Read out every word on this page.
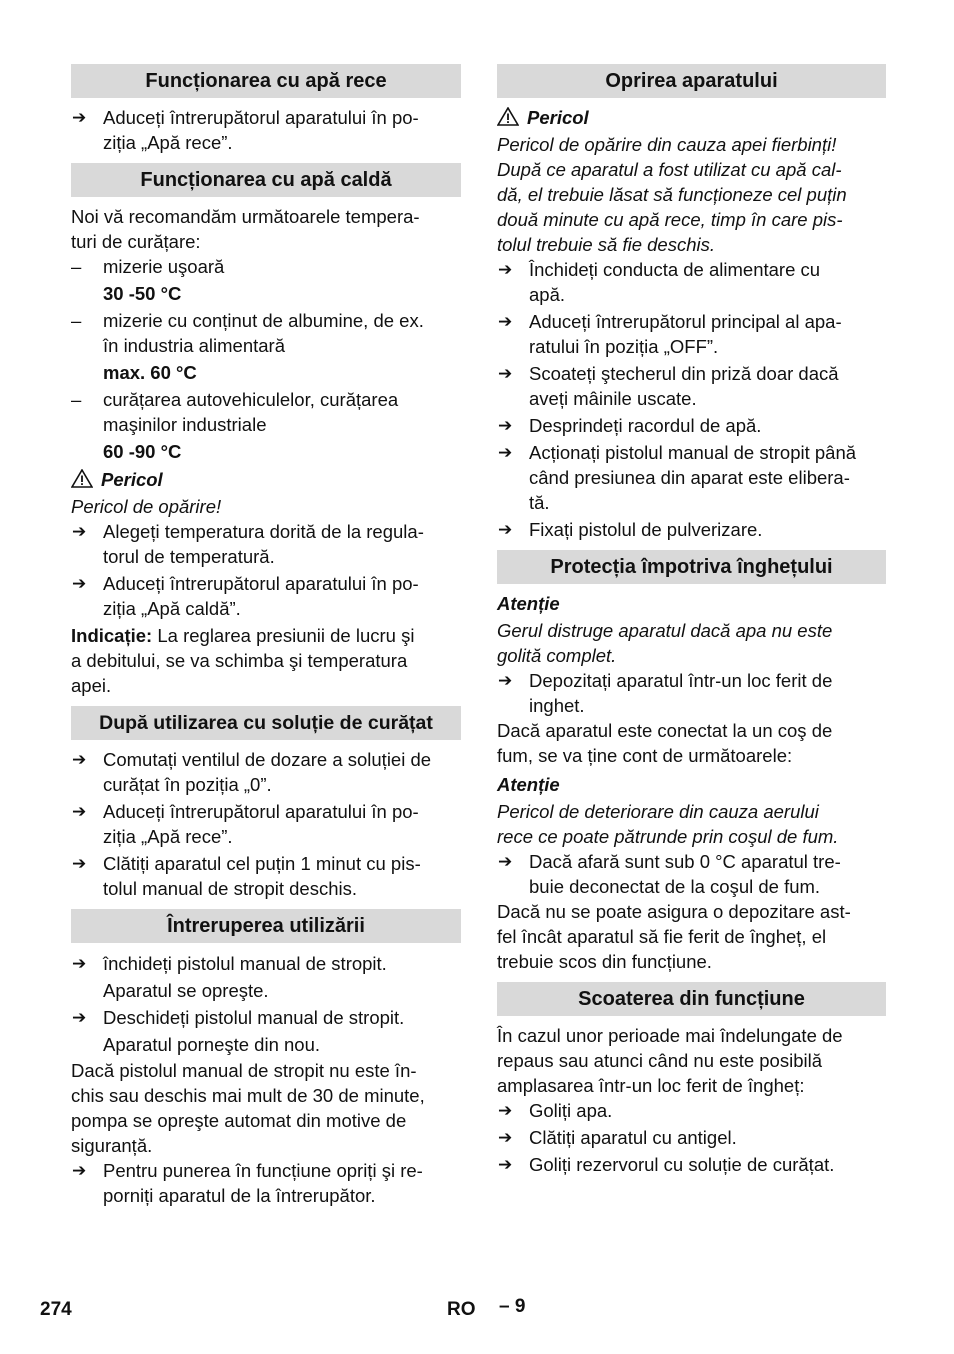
Funcționarea cu apă rece
➔ Aduceți întrerupătorul aparatului în po-
ziția „Apă rece”.
Funcționarea cu apă caldă

Noi vă recomandăm următoarele tempera-
turi de curățare:

– mizerie uşoară
30 -50 °C
– mizerie cu conținut de albumine, de ex.
în industria alimentară
max. 60 °C
– curățarea autovehiculelor, curățarea
maşinilor industriale
60 -90 °C
Pericol

Pericol de opărire!

➔ Alegeți temperatura dorită de la regula-
torul de temperatură.
➔ Aduceți întrerupătorul aparatului în po-
ziția „Apă caldă”.

Indicație: La reglarea presiunii de lucru şi
a debitului, se va schimba şi temperatura
apei.

După utilizarea cu soluție de curățat
➔ Comutați ventilul de dozare a soluției de
curățat în poziția „0”.
➔ Aduceți întrerupătorul aparatului în po-
ziția „Apă rece”.
➔ Clătiți aparatul cel puțin 1 minut cu pis-
tolul manual de stropit deschis.
Întreruperea utilizării
➔ închideți pistolul manual de stropit.
Aparatul se opreşte.
➔ Deschideți pistolul manual de stropit.
Aparatul porneşte din nou.

Dacă pistolul manual de stropit nu este în-
chis sau deschis mai mult de 30 de minute,
pompa se opreşte automat din motive de
siguranță.

➔ Pentru punerea în funcțiune opriți şi re-
porniți aparatul de la întrerupător.
Oprirea aparatului
Pericol

Pericol de opărire din cauza apei fierbinți!
După ce aparatul a fost utilizat cu apă cal-
dă, el trebuie lăsat să funcționeze cel puțin
două minute cu apă rece, timp în care pis-
tolul trebuie să fie deschis.

➔ Închideți conducta de alimentare cu
apă.
➔ Aduceți întrerupătorul principal al apa-
ratului în poziția „OFF”.
➔ Scoateți ştecherul din priză doar dacă
aveți mâinile uscate.
➔ Desprindeți racordul de apă.
➔ Acționați pistolul manual de stropit până
când presiunea din aparat este elibera-
tă.
➔ Fixați pistolul de pulverizare.
Protecția împotriva înghețului

Atenție

Gerul distruge aparatul dacă apa nu este
golită complet.

➔ Depozitați aparatul într-un loc ferit de
inghet.

Dacă aparatul este conectat la un coş de
fum, se va ține cont de următoarele:

Atenție

Pericol de deteriorare din cauza aerului
rece ce poate pătrunde prin coşul de fum.

➔ Dacă afară sunt sub 0 °C aparatul tre-
buie deconectat de la coşul de fum.

Dacă nu se poate asigura o depozitare ast-
fel încât aparatul să fie ferit de îngheț, el
trebuie scos din funcțiune.

Scoaterea din funcțiune

În cazul unor perioade mai îndelungate de
repaus sau atunci când nu este posibilă
amplasarea într-un loc ferit de îngheț:

➔ Goliți apa.
➔ Clătiți aparatul cu antigel.
➔ Goliți rezervorul cu soluție de curățat.
274	RO – 9
